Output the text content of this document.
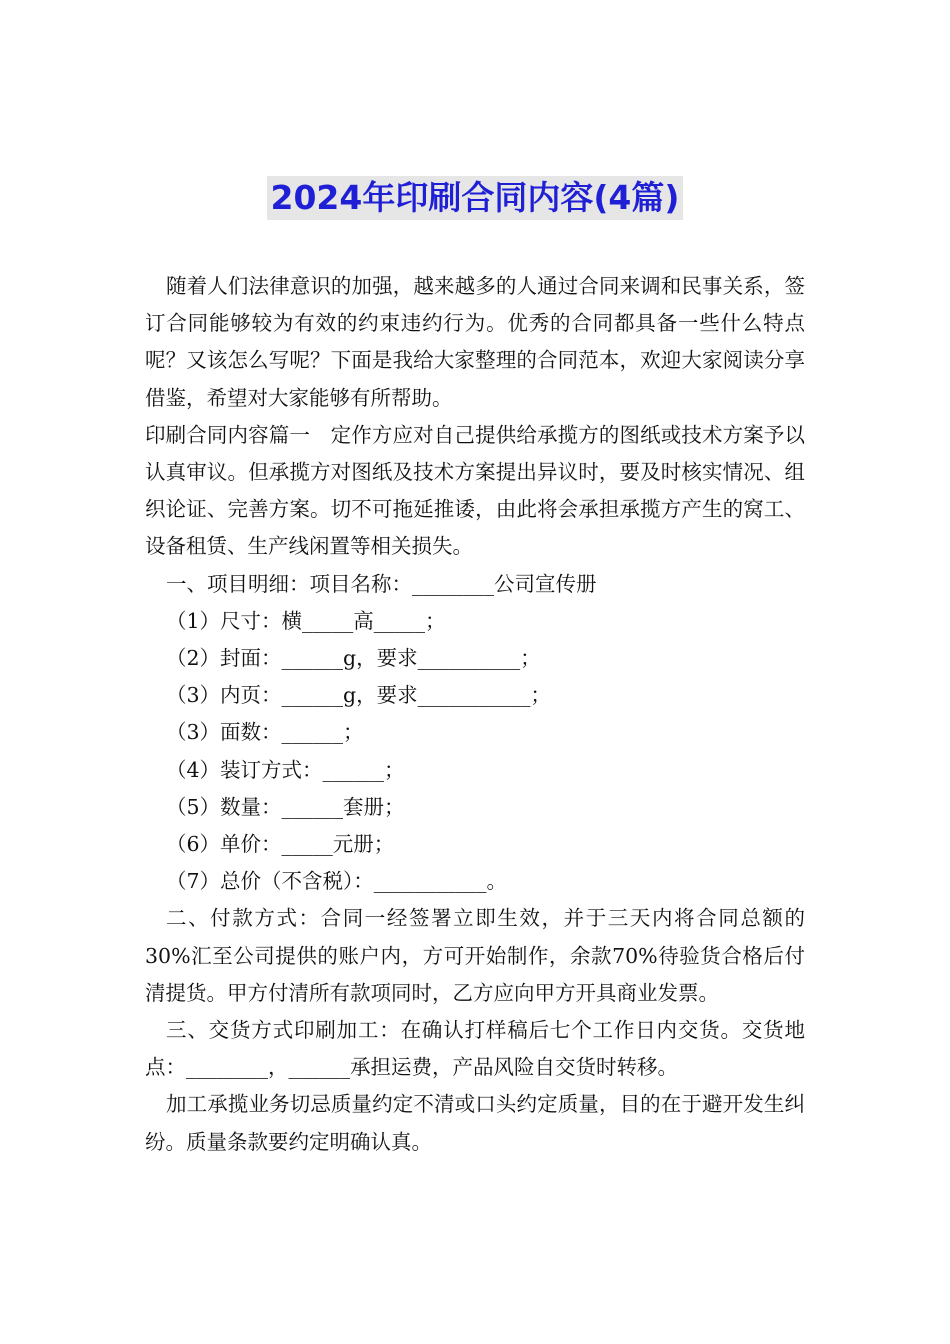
2024年印刷合同内容(4篇)

随着人们法律意识的加强，越来越多的人通过合同来调和民事关系，签订合同能够较为有效的约束违约行为。优秀的合同都具备一些什么特点呢？又该怎么写呢？下面是我给大家整理的合同范本，欢迎大家阅读分享借鉴，希望对大家能够有所帮助。

印刷合同内容篇一　定作方应对自己提供给承揽方的图纸或技术方案予以认真审议。但承揽方对图纸及技术方案提出异议时，要及时核实情况、组织论证、完善方案。切不可拖延推诿，由此将会承担承揽方产生的窝工、设备租赁、生产线闲置等相关损失。

一、项目明细：项目名称：________公司宣传册

（1）尺寸：横_____高_____；

（2）封面：______g，要求__________；

（3）内页：______g，要求___________；

（3）面数：______；

（4）装订方式：______；

（5）数量：______套册；

（6）单价：_____元册；

（7）总价（不含税）：___________。

二、付款方式：合同一经签署立即生效，并于三天内将合同总额的30%汇至公司提供的账户内，方可开始制作，余款70%待验货合格后付清提货。甲方付清所有款项同时，乙方应向甲方开具商业发票。

三、交货方式印刷加工：在确认打样稿后七个工作日内交货。交货地点：________，______承担运费，产品风险自交货时转移。

加工承揽业务切忌质量约定不清或口头约定质量，目的在于避开发生纠纷。质量条款要约定明确认真。
